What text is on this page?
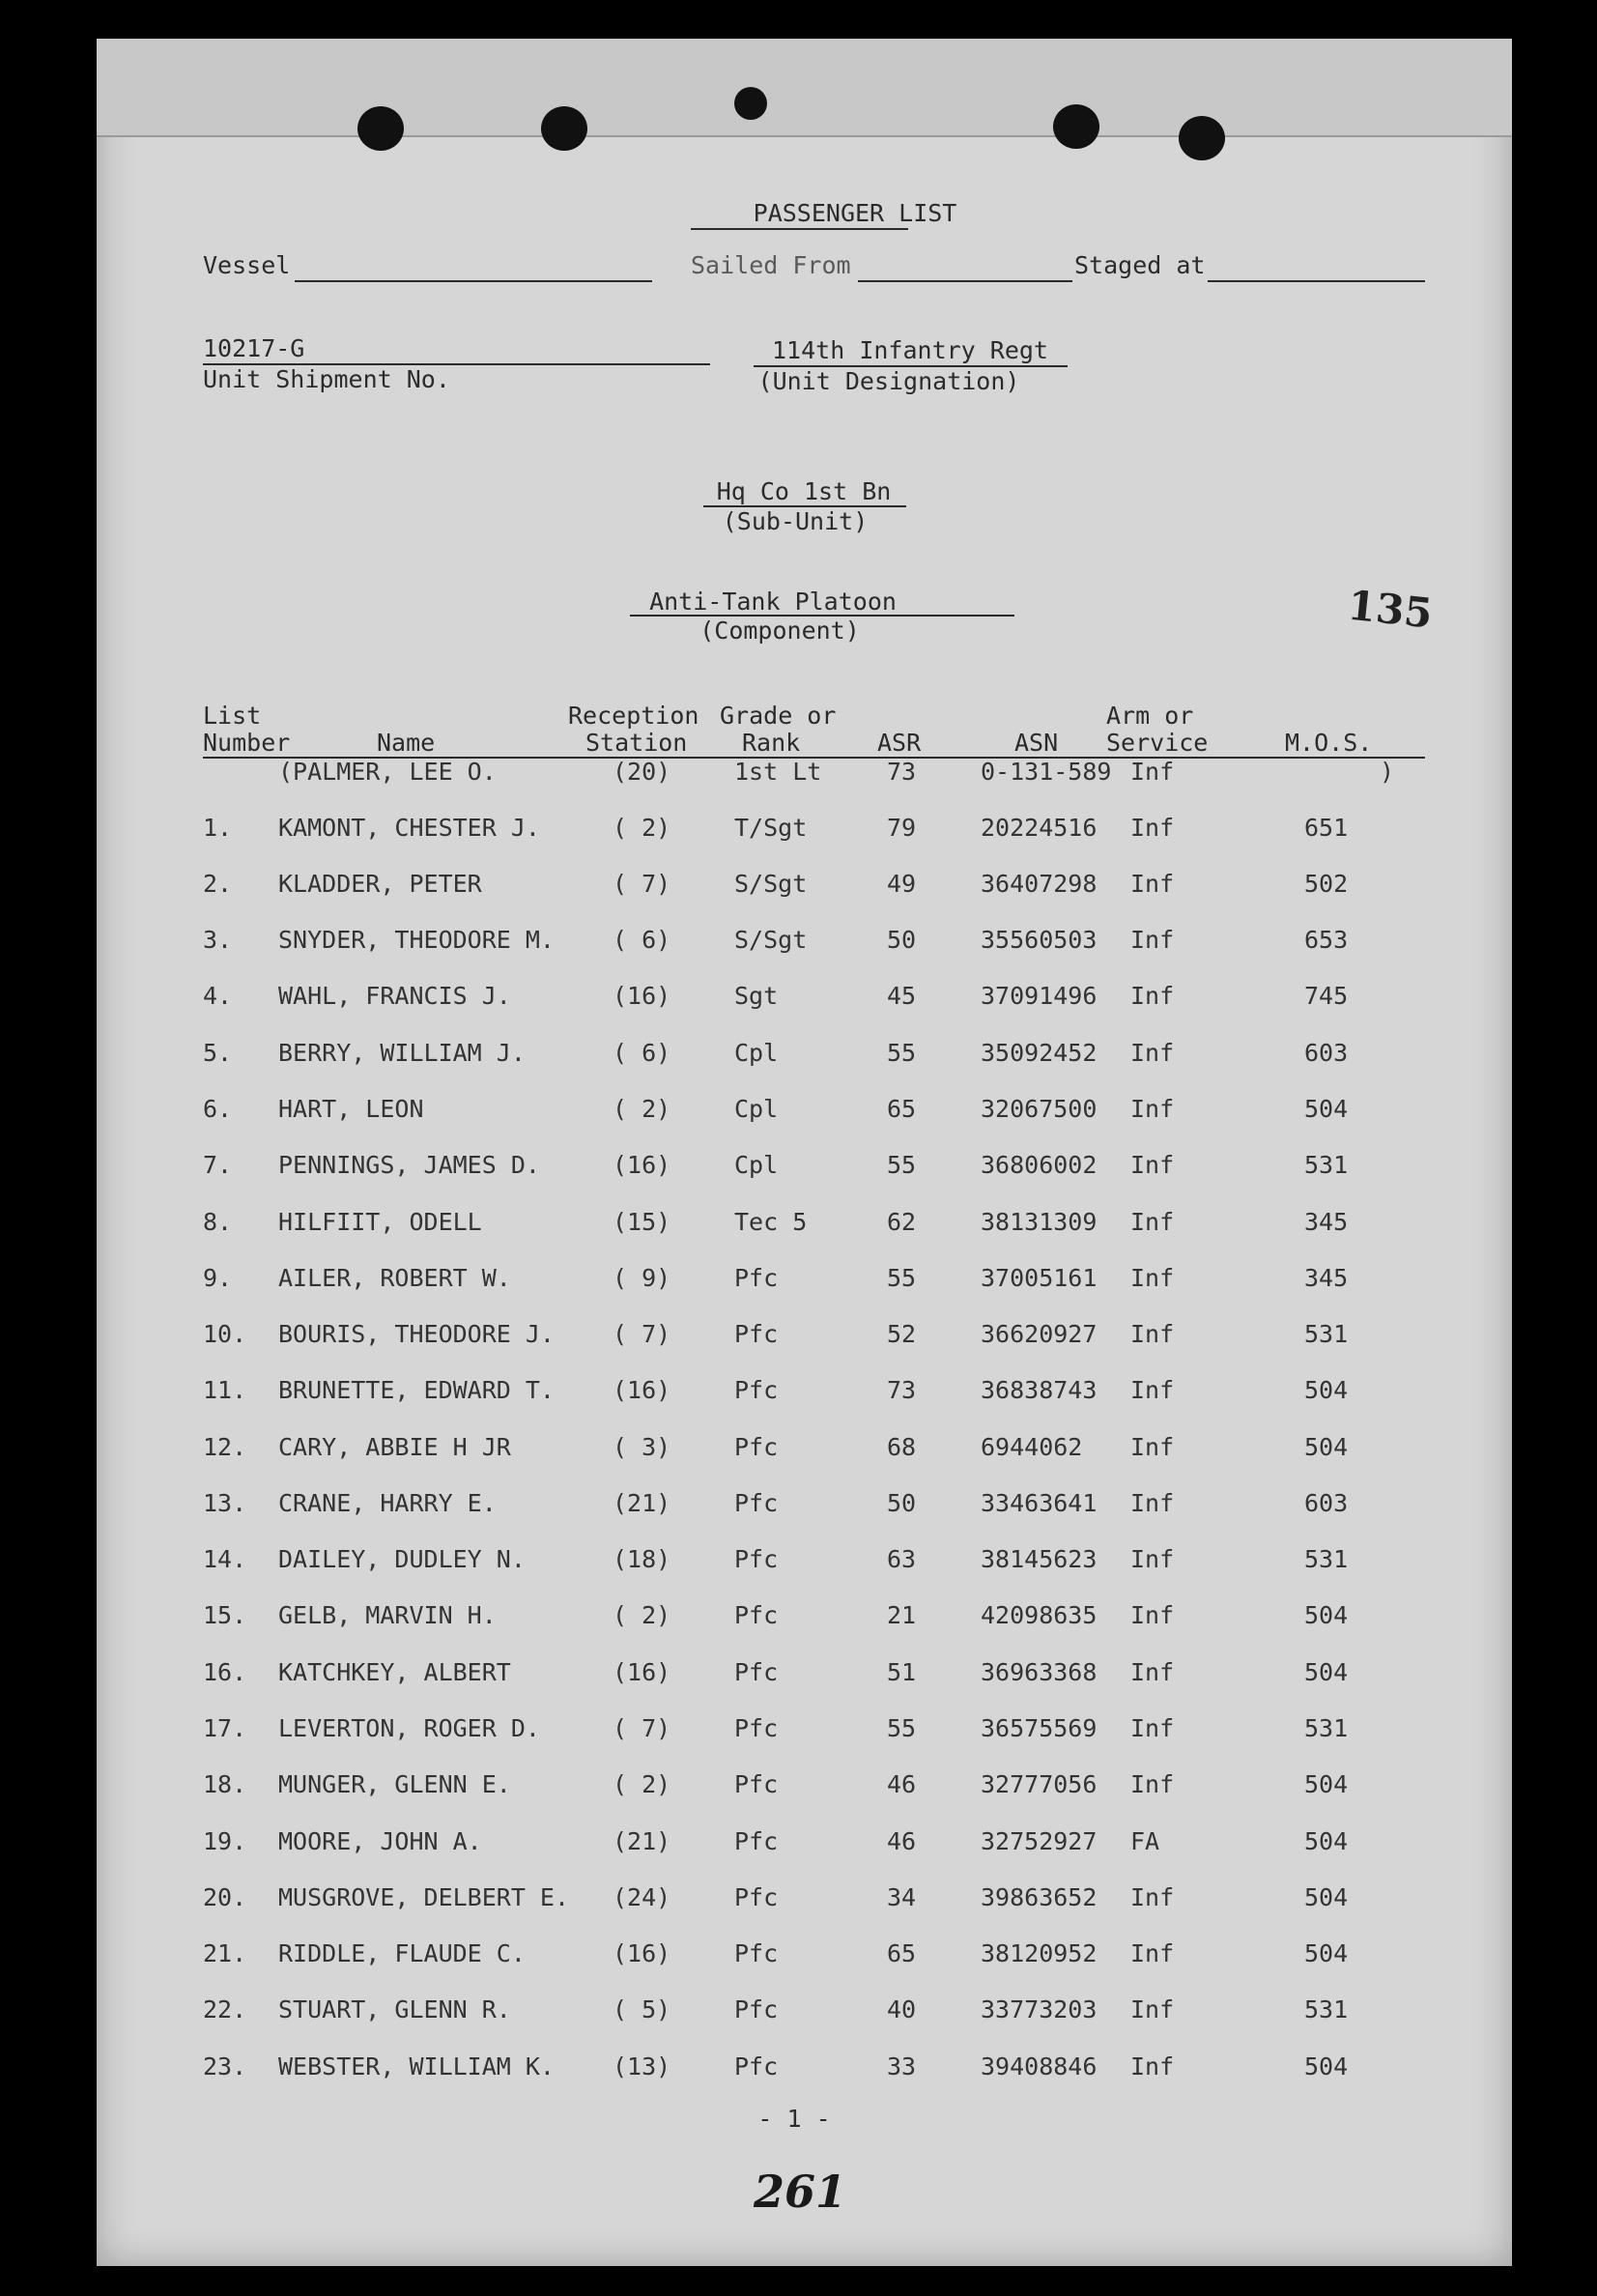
PASSENGER LIST
Vessel	Sailed From	Staged at
10217-G
Unit Shipment No.
114th Infantry Regt
(Unit Designation)
Hq Co 1st Bn
(Sub-Unit)
Anti-Tank Platoon
(Component)	135
List
Number	Name
Reception
Station
Grade or
Rank	ASR	ASN
Arm or
Service	M.O.S.
(PALMER, LEE O.	(20)	1st Lt	73	0-131-589 Inf	)
1. KAMONT, CHESTER J.	( 2)	T/Sgt	79	20224516 Inf	651
2. KLADDER, PETER	( 7)	S/Sgt	49	36407298 Inf	502
3. SNYDER, THEODORE M. ( 6)	S/Sgt	50	35560503 Inf	653
4. WAHL, FRANCIS J.	(16)	Sgt	45	37091496 Inf	745
5. BERRY, WILLIAM J.	( 6)	Cpl	55	35092452 Inf	603
6. HART, LEON	( 2)	Cpl	65	32067500 Inf	504
7. PENNINGS, JAMES D.	(16)	Cpl	55	36806002 Inf	531
8. HILFIIT, ODELL	(15)	Tec 5	62	38131309 Inf	345
9. AILER, ROBERT W.	( 9)	Pfc	55	37005161 Inf	345
10. BOURIS, THEODORE J. ( 7)	Pfc	52	36620927 Inf	531
11. BRUNETTE, EDWARD T. (16)	Pfc	73	36838743 Inf	504
12. CARY, ABBIE H JR	( 3)	Pfc	68	6944062 Inf	504
13. CRANE, HARRY E.	(21)	Pfc	50	33463641 Inf	603
14. DAILEY, DUDLEY N.	(18)	Pfc	63	38145623 Inf	531
15. GELB, MARVIN H.	( 2)	Pfc	21	42098635 Inf	504
16. KATCHKEY, ALBERT	(16)	Pfc	51	36963368 Inf	504
17. LEVERTON, ROGER D.	( 7)	Pfc	55	36575569 Inf	531
18. MUNGER, GLENN E.	( 2)	Pfc	46	32777056 Inf	504
19. MOORE, JOHN A.	(21)	Pfc	46	32752927 FA	504
20. MUSGROVE, DELBERT E. (24)	Pfc	34	39863652 Inf	504
21. RIDDLE, FLAUDE C.	(16)	Pfc	65	38120952 Inf	504
22. STUART, GLENN R.	( 5)	Pfc	40	33773203 Inf	531
23. WEBSTER, WILLIAM K. (13)	Pfc	33	39408846 Inf	504
- 1 -
261
